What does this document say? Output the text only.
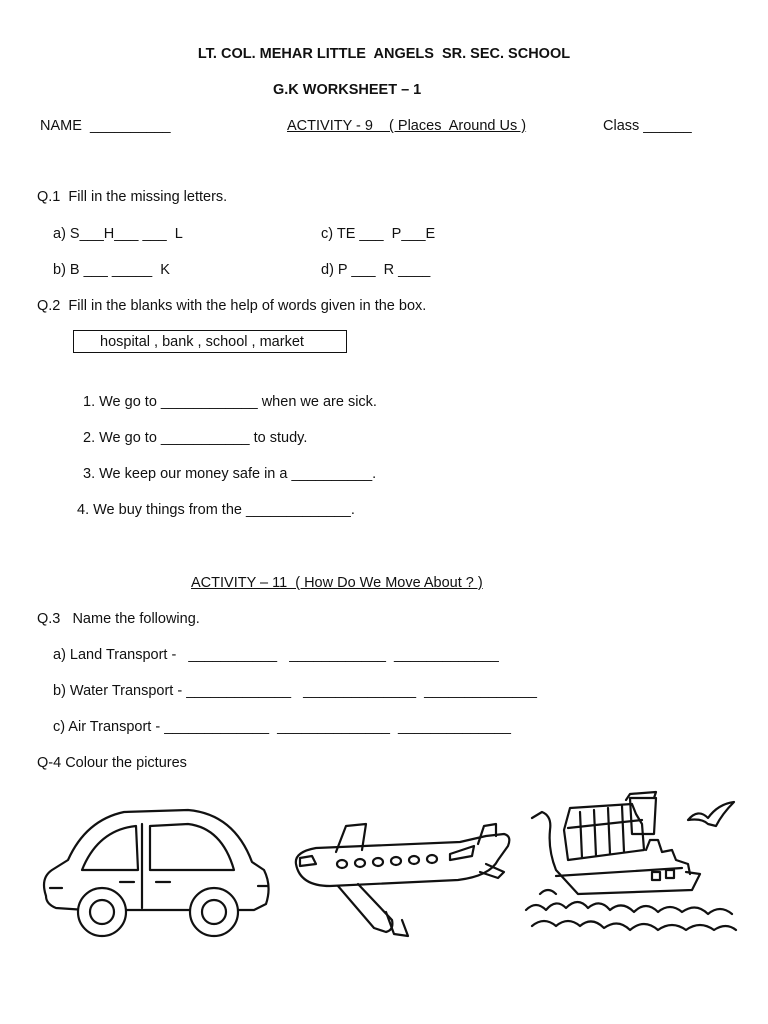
LT. COL. MEHAR LITTLE  ANGELS  SR. SEC. SCHOOL
G.K WORKSHEET – 1
NAME  __________	ACTIVITY - 9    ( Places  Around Us )	Class ______
Q.1  Fill in the missing letters.
a) S___H___ ___  L	c) TE ___  P___E
b) B ___ _____  K	d) P ___  R ____
Q.2  Fill in the blanks with the help of words given in the box.
hospital , bank , school , market
1. We go to ____________ when we are sick.
2. We go to ___________ to study.
3. We keep our money safe in a __________.
4. We buy things from the _____________.
ACTIVITY – 11  ( How Do We Move About ? )
Q.3   Name the following.
a) Land Transport -   ___________   ____________  _____________
b) Water Transport - _____________   ______________  ______________
c) Air Transport - _____________  ______________  ______________
Q-4 Colour the pictures
